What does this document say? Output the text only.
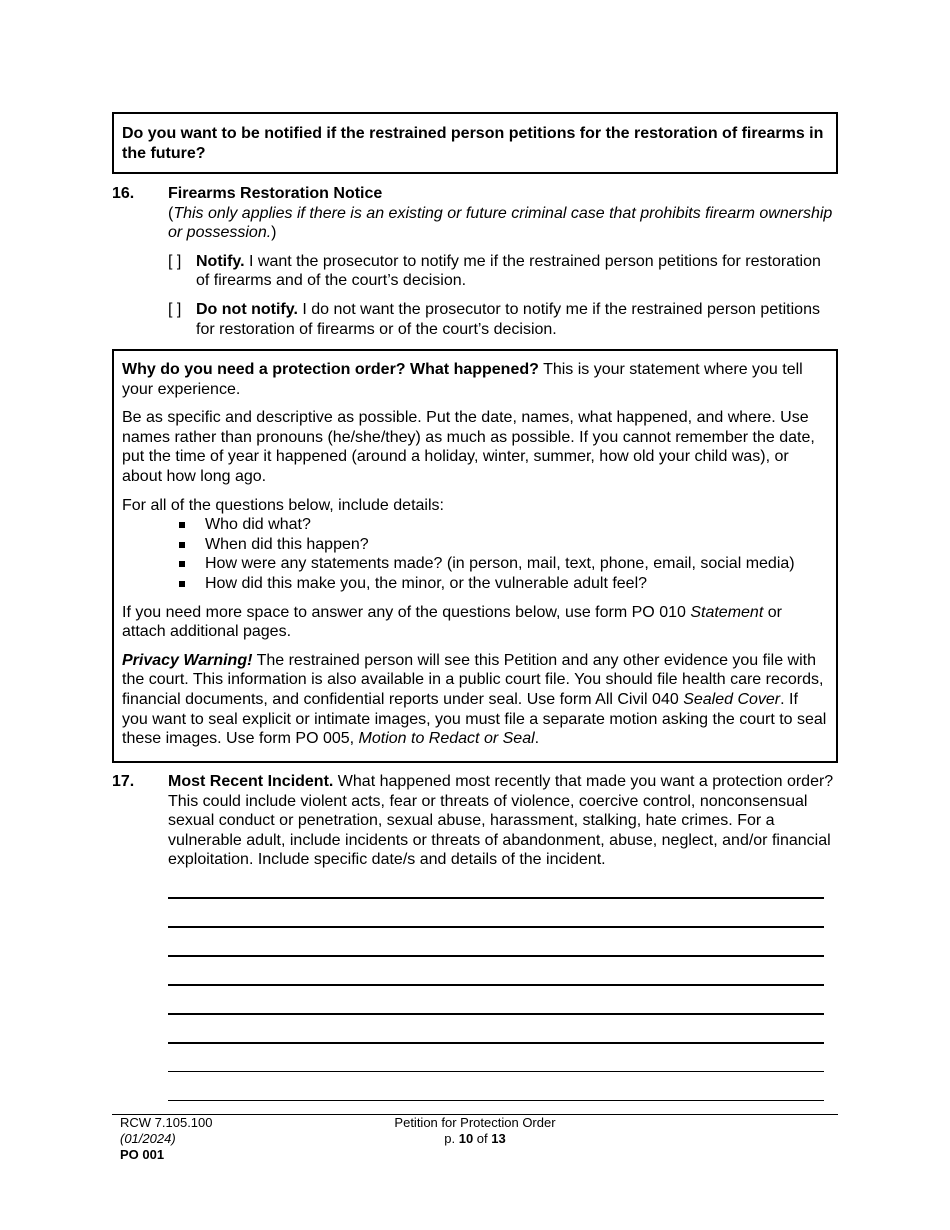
Do you want to be notified if the restrained person petitions for the restoration of firearms in the future?
16. Firearms Restoration Notice
(This only applies if there is an existing or future criminal case that prohibits firearm ownership or possession.)
[ ] Notify. I want the prosecutor to notify me if the restrained person petitions for restoration of firearms and of the court’s decision.
[ ] Do not notify. I do not want the prosecutor to notify me if the restrained person petitions for restoration of firearms or of the court’s decision.

Why do you need a protection order? What happened? This is your statement where you tell your experience.

Be as specific and descriptive as possible. Put the date, names, what happened, and where. Use names rather than pronouns (he/she/they) as much as possible. If you cannot remember the date, put the time of year it happened (around a holiday, winter, summer, how old your child was), or about how long ago.

For all of the questions below, include details:
Who did what?
When did this happen?
How were any statements made? (in person, mail, text, phone, email, social media)
How did this make you, the minor, or the vulnerable adult feel?

If you need more space to answer any of the questions below, use form PO 010 Statement or attach additional pages.

Privacy Warning! The restrained person will see this Petition and any other evidence you file with the court. This information is also available in a public court file. You should file health care records, financial documents, and confidential reports under seal. Use form All Civil 040 Sealed Cover. If you want to seal explicit or intimate images, you must file a separate motion asking the court to seal these images. Use form PO 005, Motion to Redact or Seal.

17. Most Recent Incident. What happened most recently that made you want a protection order? This could include violent acts, fear or threats of violence, coercive control, nonconsensual sexual conduct or penetration, sexual abuse, harassment, stalking, hate crimes. For a vulnerable adult, include incidents or threats of abandonment, abuse, neglect, and/or financial exploitation. Include specific date/s and details of the incident.
RCW 7.105.100
(01/2024)
PO 001
Petition for Protection Order
p. 10 of 13
